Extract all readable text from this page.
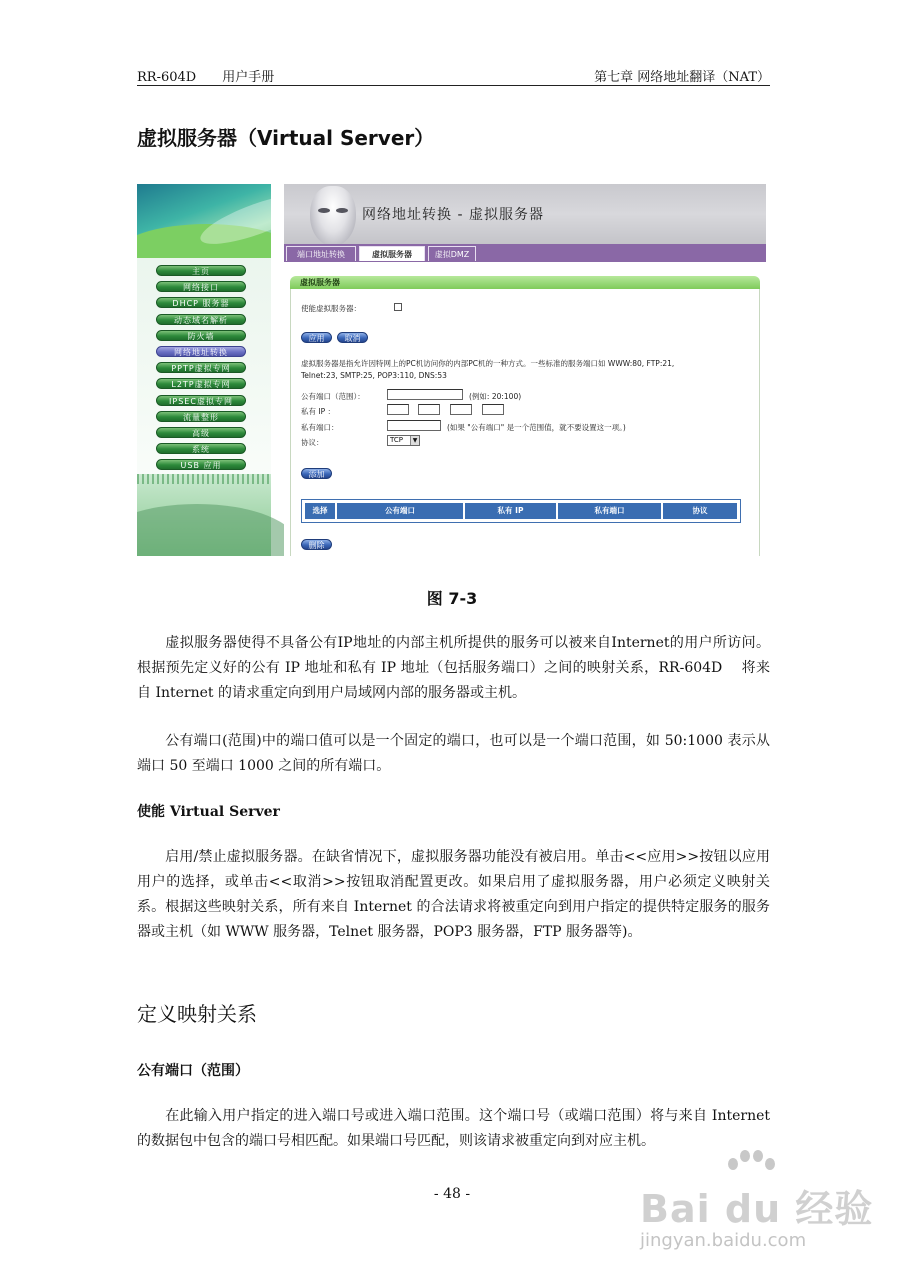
RR-604D　　用户手册	第七章 网络地址翻译（NAT）
虚拟服务器（Virtual Server）
主页
网络接口
DHCP 服务器
动态域名解析
防火墙
网络地址转换
PPTP虚拟专网
L2TP虚拟专网
IPSEC虚拟专网
流量整形
高级
系统
USB 应用
网络地址转换 - 虚拟服务器
端口地址转换	虚拟服务器	虚拟DMZ
虚拟服务器
使能虚拟服务器：
应用	取消
虚拟服务器是指允许因特网上的PC机访问你的内部PC机的一种方式。一些标准的服务端口如 WWW:80, FTP:21,
Telnet:23, SMTP:25, POP3:110, DNS:53
公有端口（范围）：	(例如: 20:100)
私有 IP ：
私有端口：	(如果 "公有端口" 是一个范围值，就不要设置这一项。)
协议：	TCP	▼
添加
选择	公有端口	私有 IP	私有端口	协议
删除
图 7-3
虚拟服务器使得不具备公有IP地址的内部主机所提供的服务可以被来自Internet的用户所访问。根据预先定义好的公有 IP 地址和私有 IP 地址（包括服务端口）之间的映射关系，RR-604D　 将来自 Internet 的请求重定向到用户局域网内部的服务器或主机。
公有端口(范围)中的端口值可以是一个固定的端口，也可以是一个端口范围，如 50:1000 表示从端口 50 至端口 1000 之间的所有端口。
使能 Virtual Server
启用/禁止虚拟服务器。在缺省情况下，虚拟服务器功能没有被启用。单击<<应用>>按钮以应用用户的选择，或单击<<取消>>按钮取消配置更改。如果启用了虚拟服务器，用户必须定义映射关系。根据这些映射关系，所有来自 Internet 的合法请求将被重定向到用户指定的提供特定服务的服务器或主机（如 WWW 服务器，Telnet 服务器，POP3 服务器，FTP 服务器等)。
定义映射关系
公有端口（范围）
在此输入用户指定的进入端口号或进入端口范围。这个端口号（或端口范围）将与来自 Internet 的数据包中包含的端口号相匹配。如果端口号匹配，则该请求被重定向到对应主机。
- 48 -	Bai du 经验
jingyan.baidu.com
